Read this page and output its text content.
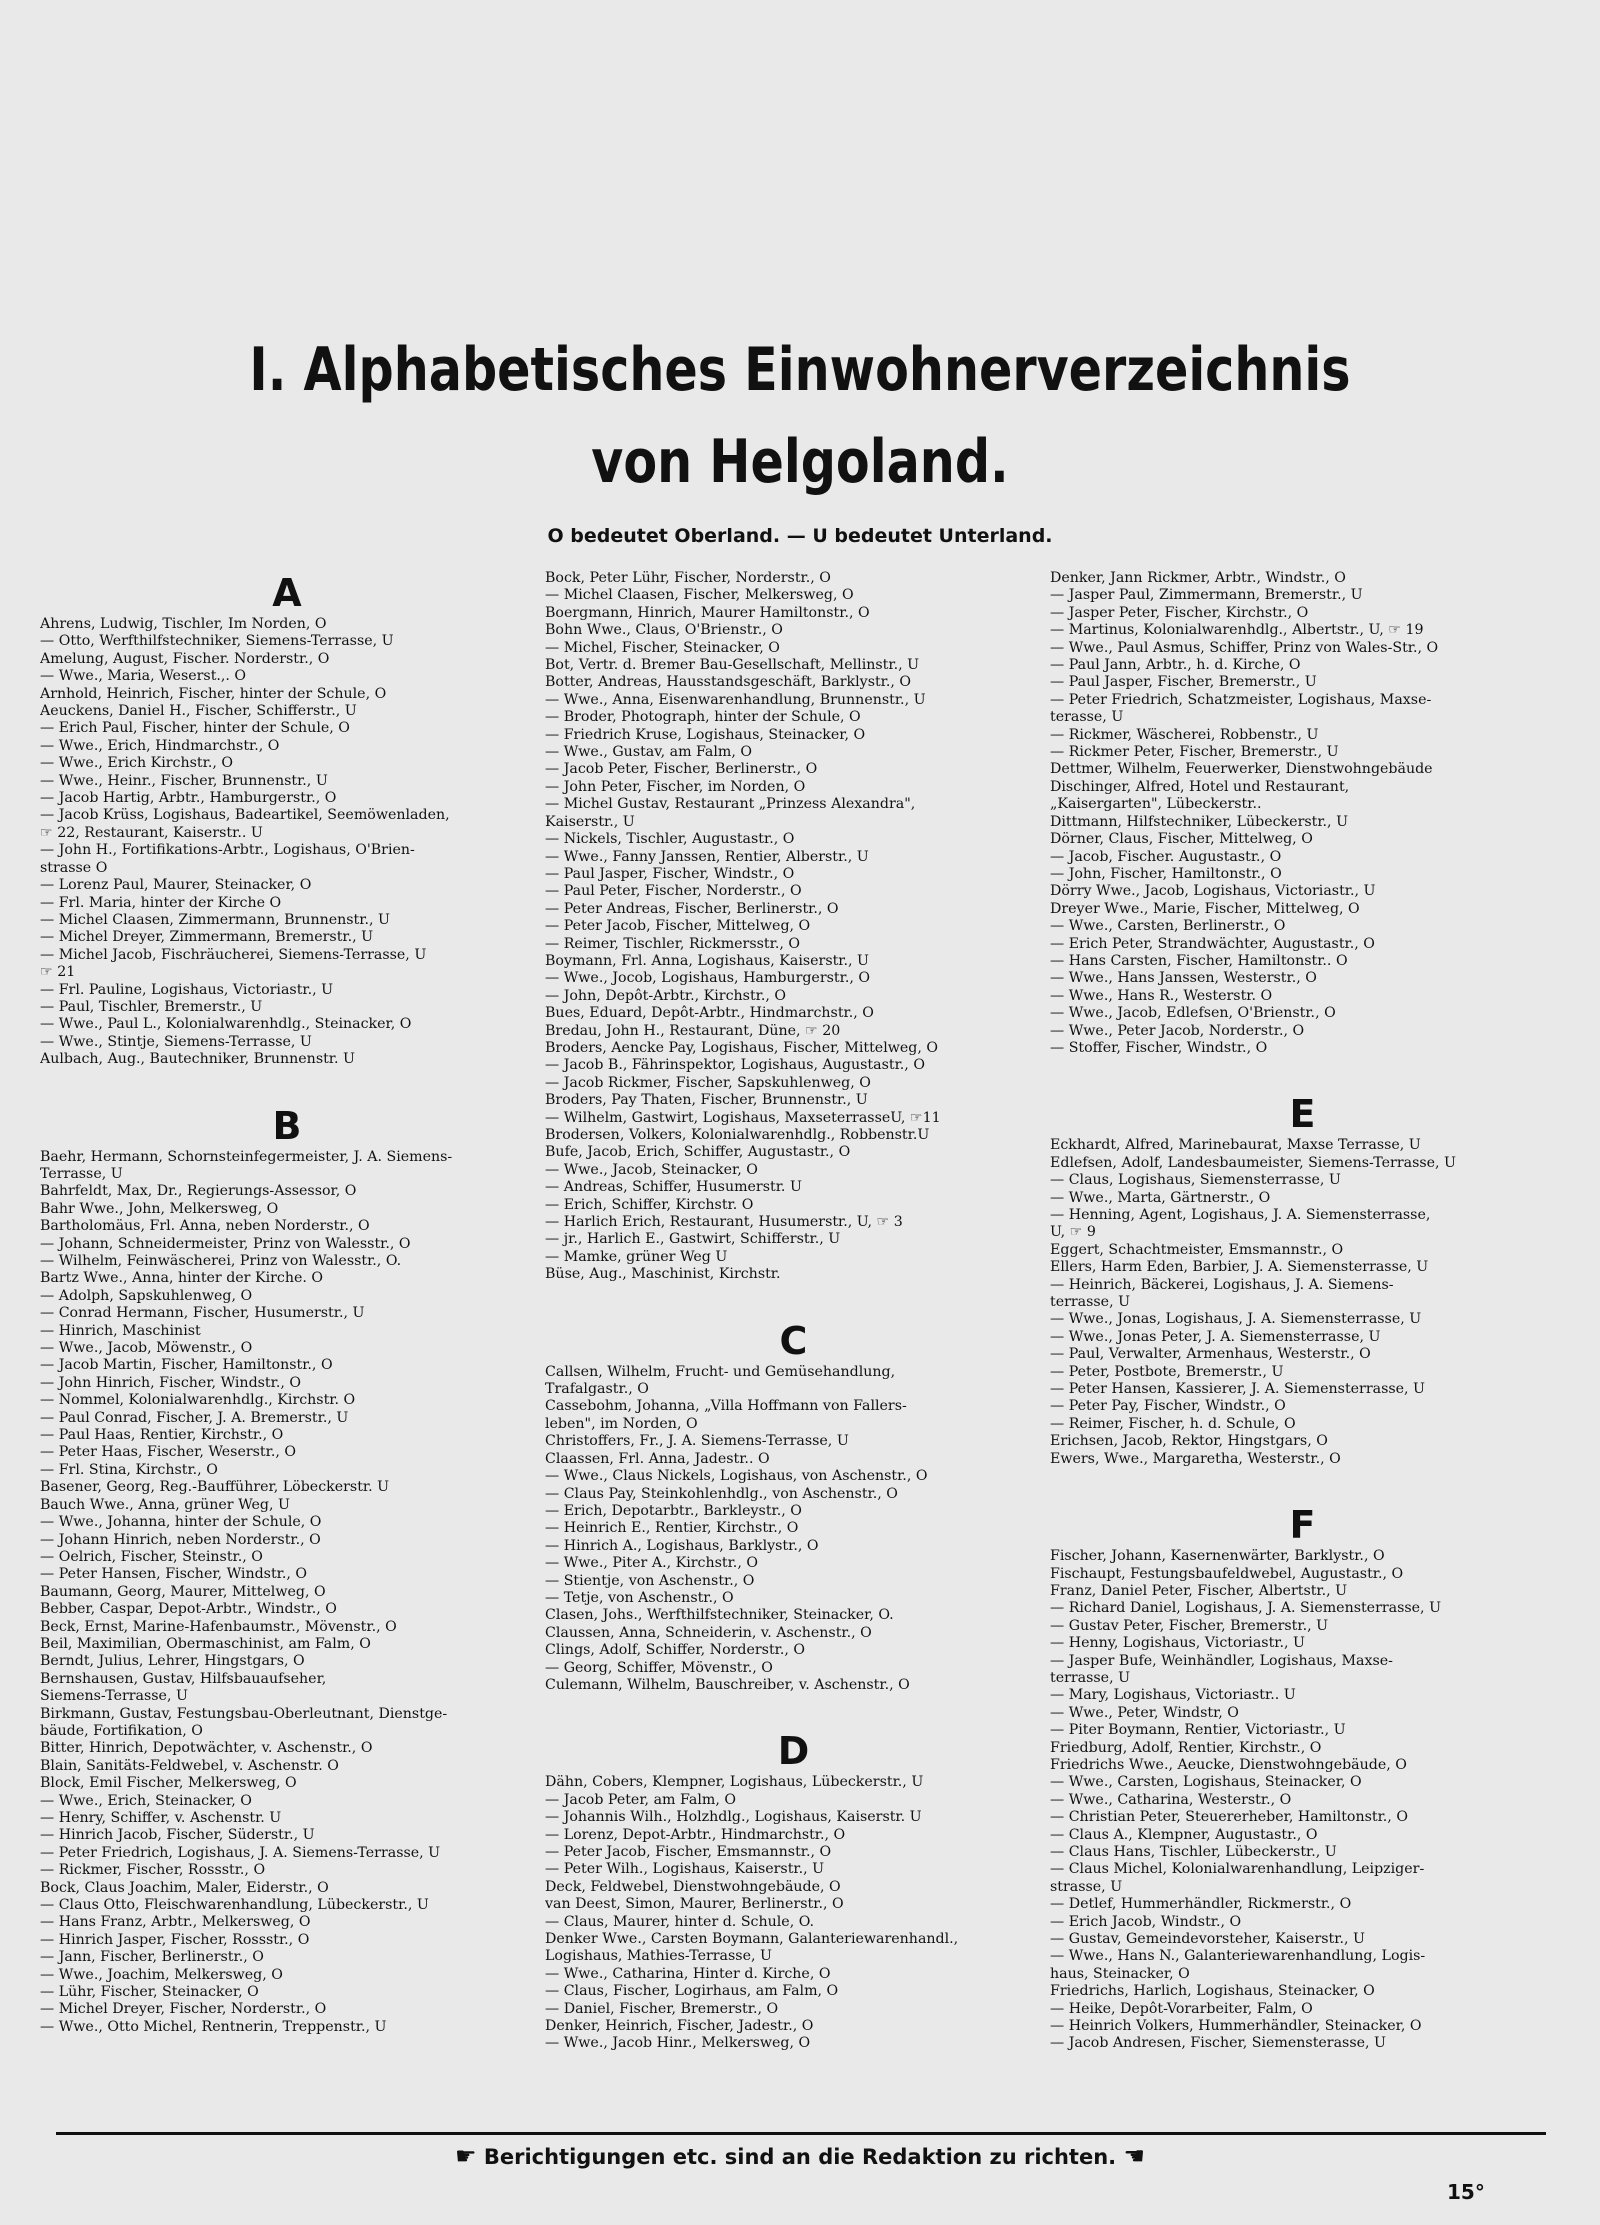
I. Alphabetisches Einwohnerverzeichnis
von Helgoland.
O bedeutet Oberland. — U bedeutet Unterland.
A
Ahrens, Ludwig, Tischler, Im Norden, O
— Otto, Werfthilfstechniker, Siemens-Terrasse, U
Amelung, August, Fischer. Norderstr., O
— Wwe., Maria, Weserst.,. O
Arnhold, Heinrich, Fischer, hinter der Schule, O
Aeuckens, Daniel H., Fischer, Schifferstr., U
— Erich Paul, Fischer, hinter der Schule, O
— Wwe., Erich, Hindmarchstr., O
— Wwe., Erich Kirchstr., O
— Wwe., Heinr., Fischer, Brunnenstr., U
— Jacob Hartig, Arbtr., Hamburgerstr., O
— Jacob Krüss, Logishaus, Badeartikel, Seemöwenladen,
☞ 22, Restaurant, Kaiserstr.. U
— John H., Fortifikations-Arbtr., Logishaus, O'Brien-
strasse O
— Lorenz Paul, Maurer, Steinacker, O
— Frl. Maria, hinter der Kirche O
— Michel Claasen, Zimmermann, Brunnenstr., U
— Michel Dreyer, Zimmermann, Bremerstr., U
— Michel Jacob, Fischräucherei, Siemens-Terrasse, U
☞ 21
— Frl. Pauline, Logishaus, Victoriastr., U
— Paul, Tischler, Bremerstr., U
— Wwe., Paul L., Kolonialwarenhdlg., Steinacker, O
— Wwe., Stintje, Siemens-Terrasse, U
Aulbach, Aug., Bautechniker, Brunnenstr. U
B
Baehr, Hermann, Schornsteinfegermeister, J. A. Siemens-
Terrasse, U
Bahrfeldt, Max, Dr., Regierungs-Assessor, O
Bahr Wwe., John, Melkersweg, O
Bartholomäus, Frl. Anna, neben Norderstr., O
— Johann, Schneidermeister, Prinz von Walesstr., O
— Wilhelm, Feinwäscherei, Prinz von Walesstr., O.
Bartz Wwe., Anna, hinter der Kirche. O
— Adolph, Sapskuhlenweg, O
— Conrad Hermann, Fischer, Husumerstr., U
— Hinrich, Maschinist
— Wwe., Jacob, Möwenstr., O
— Jacob Martin, Fischer, Hamiltonstr., O
— John Hinrich, Fischer, Windstr., O
— Nommel, Kolonialwarenhdlg., Kirchstr. O
— Paul Conrad, Fischer, J. A. Bremerstr., U
— Paul Haas, Rentier, Kirchstr., O
— Peter Haas, Fischer, Weserstr., O
— Frl. Stina, Kirchstr., O
Basener, Georg, Reg.-Baufführer, Löbeckerstr. U
Bauch Wwe., Anna, grüner Weg, U
— Wwe., Johanna, hinter der Schule, O
— Johann Hinrich, neben Norderstr., O
— Oelrich, Fischer, Steinstr., O
— Peter Hansen, Fischer, Windstr., O
Baumann, Georg, Maurer, Mittelweg, O
Bebber, Caspar, Depot-Arbtr., Windstr., O
Beck, Ernst, Marine-Hafenbaumstr., Mövenstr., O
Beil, Maximilian, Obermaschinist, am Falm, O
Berndt, Julius, Lehrer, Hingstgars, O
Bernshausen, Gustav, Hilfsbauaufseher,
Siemens-Terrasse, U
Birkmann, Gustav, Festungsbau-Oberleutnant, Dienstge-
bäude, Fortifikation, O
Bitter, Hinrich, Depotwächter, v. Aschenstr., O
Blain, Sanitäts-Feldwebel, v. Aschenstr. O
Block, Emil Fischer, Melkersweg, O
— Wwe., Erich, Steinacker, O
— Henry, Schiffer, v. Aschenstr. U
— Hinrich Jacob, Fischer, Süderstr., U
— Peter Friedrich, Logishaus, J. A. Siemens-Terrasse, U
— Rickmer, Fischer, Rossstr., O
Bock, Claus Joachim, Maler, Eiderstr., O
— Claus Otto, Fleischwarenhandlung, Lübeckerstr., U
— Hans Franz, Arbtr., Melkersweg, O
— Hinrich Jasper, Fischer, Rossstr., O
— Jann, Fischer, Berlinerstr., O
— Wwe., Joachim, Melkersweg, O
— Lühr, Fischer, Steinacker, O
— Michel Dreyer, Fischer, Norderstr., O
— Wwe., Otto Michel, Rentnerin, Treppenstr., U
Bock, Peter Lühr, Fischer, Norderstr., O
— Michel Claasen, Fischer, Melkersweg, O
Boergmann, Hinrich, Maurer Hamiltonstr., O
Bohn Wwe., Claus, O'Brienstr., O
— Michel, Fischer, Steinacker, O
Bot, Vertr. d. Bremer Bau-Gesellschaft, Mellinstr., U
Botter, Andreas, Hausstandsgeschäft, Barklystr., O
— Wwe., Anna, Eisenwarenhandlung, Brunnenstr., U
— Broder, Photograph, hinter der Schule, O
— Friedrich Kruse, Logishaus, Steinacker, O
— Wwe., Gustav, am Falm, O
— Jacob Peter, Fischer, Berlinerstr., O
— John Peter, Fischer, im Norden, O
— Michel Gustav, Restaurant „Prinzess Alexandra",
Kaiserstr., U
— Nickels, Tischler, Augustastr., O
— Wwe., Fanny Janssen, Rentier, Alberstr., U
— Paul Jasper, Fischer, Windstr., O
— Paul Peter, Fischer, Norderstr., O
— Peter Andreas, Fischer, Berlinerstr., O
— Peter Jacob, Fischer, Mittelweg, O
— Reimer, Tischler, Rickmersstr., O
Boymann, Frl. Anna, Logishaus, Kaiserstr., U
— Wwe., Jocob, Logishaus, Hamburgerstr., O
— John, Depôt-Arbtr., Kirchstr., O
Bues, Eduard, Depôt-Arbtr., Hindmarchstr., O
Bredau, John H., Restaurant, Düne, ☞ 20
Broders, Aencke Pay, Logishaus, Fischer, Mittelweg, O
— Jacob B., Fährinspektor, Logishaus, Augustastr., O
— Jacob Rickmer, Fischer, Sapskuhlenweg, O
Broders, Pay Thaten, Fischer, Brunnenstr., U
— Wilhelm, Gastwirt, Logishaus, MaxseterrasseU, ☞11
Brodersen, Volkers, Kolonialwarenhdlg., Robbenstr.U
Bufe, Jacob, Erich, Schiffer, Augustastr., O
— Wwe., Jacob, Steinacker, O
— Andreas, Schiffer, Husumerstr. U
— Erich, Schiffer, Kirchstr. O
— Harlich Erich, Restaurant, Husumerstr., U, ☞ 3
— jr., Harlich E., Gastwirt, Schifferstr., U
— Mamke, grüner Weg U
Büse, Aug., Maschinist, Kirchstr.
C
Callsen, Wilhelm, Frucht- und Gemüsehandlung,
Trafalgastr., O
Cassebohm, Johanna, „Villa Hoffmann von Fallers-
leben", im Norden, O
Christoffers, Fr., J. A. Siemens-Terrasse, U
Claassen, Frl. Anna, Jadestr.. O
— Wwe., Claus Nickels, Logishaus, von Aschenstr., O
— Claus Pay, Steinkohlenhdlg., von Aschenstr., O
— Erich, Depotarbtr., Barkleystr., O
— Heinrich E., Rentier, Kirchstr., O
— Hinrich A., Logishaus, Barklystr., O
— Wwe., Piter A., Kirchstr., O
— Stientje, von Aschenstr., O
— Tetje, von Aschenstr., O
Clasen, Johs., Werfthilfstechniker, Steinacker, O.
Claussen, Anna, Schneiderin, v. Aschenstr., O
Clings, Adolf, Schiffer, Norderstr., O
— Georg, Schiffer, Mövenstr., O
Culemann, Wilhelm, Bauschreiber, v. Aschenstr., O
D
Dähn, Cobers, Klempner, Logishaus, Lübeckerstr., U
— Jacob Peter, am Falm, O
— Johannis Wilh., Holzhdlg., Logishaus, Kaiserstr. U
— Lorenz, Depot-Arbtr., Hindmarchstr., O
— Peter Jacob, Fischer, Emsmannstr., O
— Peter Wilh., Logishaus, Kaiserstr., U
Deck, Feldwebel, Dienstwohngebäude, O
van Deest, Simon, Maurer, Berlinerstr., O
— Claus, Maurer, hinter d. Schule, O.
Denker Wwe., Carsten Boymann, Galanteriewarenhandl.,
Logishaus, Mathies-Terrasse, U
— Wwe., Catharina, Hinter d. Kirche, O
— Claus, Fischer, Logirhaus, am Falm, O
— Daniel, Fischer, Bremerstr., O
Denker, Heinrich, Fischer, Jadestr., O
— Wwe., Jacob Hinr., Melkersweg, O
Denker, Jann Rickmer, Arbtr., Windstr., O
— Jasper Paul, Zimmermann, Bremerstr., U
— Jasper Peter, Fischer, Kirchstr., O
— Martinus, Kolonialwarenhdlg., Albertstr., U, ☞ 19
— Wwe., Paul Asmus, Schiffer, Prinz von Wales-Str., O
— Paul Jann, Arbtr., h. d. Kirche, O
— Paul Jasper, Fischer, Bremerstr., U
— Peter Friedrich, Schatzmeister, Logishaus, Maxse-
terasse, U
— Rickmer, Wäscherei, Robbenstr., U
— Rickmer Peter, Fischer, Bremerstr., U
Dettmer, Wilhelm, Feuerwerker, Dienstwohngebäude
Dischinger, Alfred, Hotel und Restaurant,
„Kaisergarten", Lübeckerstr..
Dittmann, Hilfstechniker, Lübeckerstr., U
Dörner, Claus, Fischer, Mittelweg, O
— Jacob, Fischer. Augustastr., O
— John, Fischer, Hamiltonstr., O
Dörry Wwe., Jacob, Logishaus, Victoriastr., U
Dreyer Wwe., Marie, Fischer, Mittelweg, O
— Wwe., Carsten, Berlinerstr., O
— Erich Peter, Strandwächter, Augustastr., O
— Hans Carsten, Fischer, Hamiltonstr.. O
— Wwe., Hans Janssen, Westerstr., O
— Wwe., Hans R., Westerstr. O
— Wwe., Jacob, Edlefsen, O'Brienstr., O
— Wwe., Peter Jacob, Norderstr., O
— Stoffer, Fischer, Windstr., O
E
Eckhardt, Alfred, Marinebaurat, Maxse Terrasse, U
Edlefsen, Adolf, Landesbaumeister, Siemens-Terrasse, U
— Claus, Logishaus, Siemensterrasse, U
— Wwe., Marta, Gärtnerstr., O
— Henning, Agent, Logishaus, J. A. Siemensterrasse,
U, ☞ 9
Eggert, Schachtmeister, Emsmannstr., O
Ellers, Harm Eden, Barbier, J. A. Siemensterrasse, U
— Heinrich, Bäckerei, Logishaus, J. A. Siemens-
terrasse, U
— Wwe., Jonas, Logishaus, J. A. Siemensterrasse, U
— Wwe., Jonas Peter, J. A. Siemensterrasse, U
— Paul, Verwalter, Armenhaus, Westerstr., O
— Peter, Postbote, Bremerstr., U
— Peter Hansen, Kassierer, J. A. Siemensterrasse, U
— Peter Pay, Fischer, Windstr., O
— Reimer, Fischer, h. d. Schule, O
Erichsen, Jacob, Rektor, Hingstgars, O
Ewers, Wwe., Margaretha, Westerstr., O
F
Fischer, Johann, Kasernenwärter, Barklystr., O
Fischaupt, Festungsbaufeldwebel, Augustastr., O
Franz, Daniel Peter, Fischer, Albertstr., U
— Richard Daniel, Logishaus, J. A. Siemensterrasse, U
— Gustav Peter, Fischer, Bremerstr., U
— Henny, Logishaus, Victoriastr., U
— Jasper Bufe, Weinhändler, Logishaus, Maxse-
terrasse, U
— Mary, Logishaus, Victoriastr.. U
— Wwe., Peter, Windstr, O
— Piter Boymann, Rentier, Victoriastr., U
Friedburg, Adolf, Rentier, Kirchstr., O
Friedrichs Wwe., Aeucke, Dienstwohngebäude, O
— Wwe., Carsten, Logishaus, Steinacker, O
— Wwe., Catharina, Westerstr., O
— Christian Peter, Steuererheber, Hamiltonstr., O
— Claus A., Klempner, Augustastr., O
— Claus Hans, Tischler, Lübeckerstr., U
— Claus Michel, Kolonialwarenhandlung, Leipziger-
strasse, U
— Detlef, Hummerhändler, Rickmerstr., O
— Erich Jacob, Windstr., O
— Gustav, Gemeindevorsteher, Kaiserstr., U
— Wwe., Hans N., Galanteriewarenhandlung, Logis-
haus, Steinacker, O
Friedrichs, Harlich, Logishaus, Steinacker, O
— Heike, Depôt-Vorarbeiter, Falm, O
— Heinrich Volkers, Hummerhändler, Steinacker, O
— Jacob Andresen, Fischer, Siemensterasse, U
☛ Berichtigungen etc. sind an die Redaktion zu richten. ☚
15°
